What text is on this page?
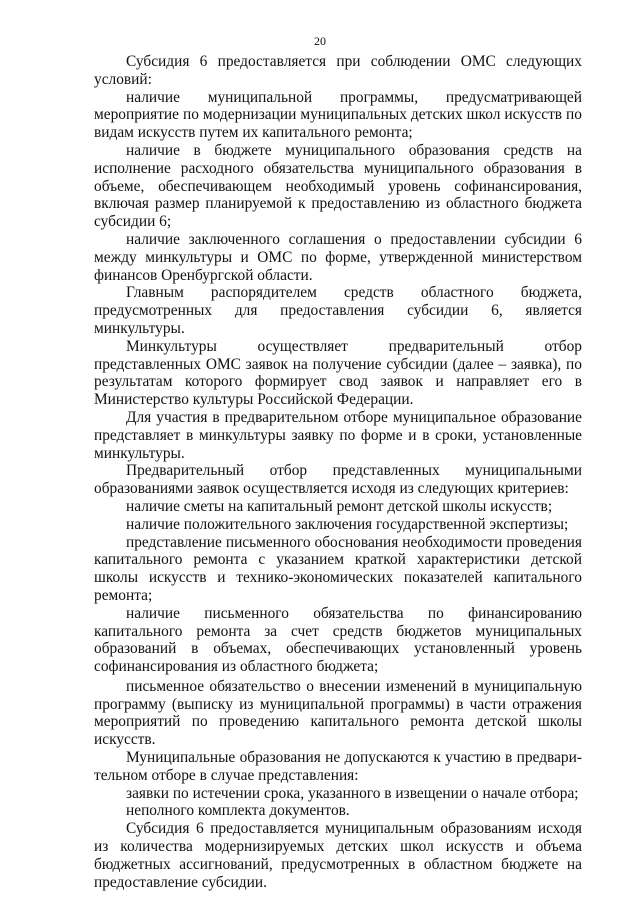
20

Субсидия 6 предоставляется при соблюдении ОМС следующих условий:

наличие муниципальной программы, предусматривающей мероприятие по модернизации муниципальных детских школ искусств по видам искусств путем их капитального ремонта;

наличие в бюджете муниципального образования средств на исполнение расходного обязательства муниципального образования в объеме, обеспечивающем необходимый уровень софинансирования, включая размер планируемой к предоставлению из областного бюджета субсидии 6;

наличие заключенного соглашения о предоставлении субсидии 6 между минкультуры и ОМС по форме, утвержденной министерством финансов Оренбургской области.

Главным распорядителем средств областного бюджета, предусмотренных для предоставления субсидии 6, является минкультуры.

Минкультуры осуществляет предварительный отбор представленных ОМС заявок на получение субсидии (далее – заявка), по результатам которого формирует свод заявок и направляет его в Министерство культуры Российской Федерации.

Для участия в предварительном отборе муниципальное образование представляет в минкультуры заявку по форме и в сроки, установленные минкультуры.

Предварительный отбор представленных муниципальными образованиями заявок осуществляется исходя из следующих критериев:

наличие сметы на капитальный ремонт детской школы искусств;

наличие положительного заключения государственной экспертизы;

представление письменного обоснования необходимости проведения капитального ремонта с указанием краткой характеристики детской школы искусств и технико-экономических показателей капитального ремонта;

наличие письменного обязательства по финансированию капитального ремонта за счет средств бюджетов муниципальных образований в объемах, обеспечивающих установленный уровень софинансирования из областного бюджета;

письменное обязательство о внесении изменений в муниципальную программу (выписку из муниципальной программы) в части отражения мероприятий по проведению капитального ремонта детской школы искусств.

Муниципальные образования не допускаются к участию в предварительном отборе в случае представления:

заявки по истечении срока, указанного в извещении о начале отбора;

неполного комплекта документов.

Субсидия 6 предоставляется муниципальным образованиям исходя из количества модернизируемых детских школ искусств и объема бюджетных ассигнований, предусмотренных в областном бюджете на предоставление субсидии.
